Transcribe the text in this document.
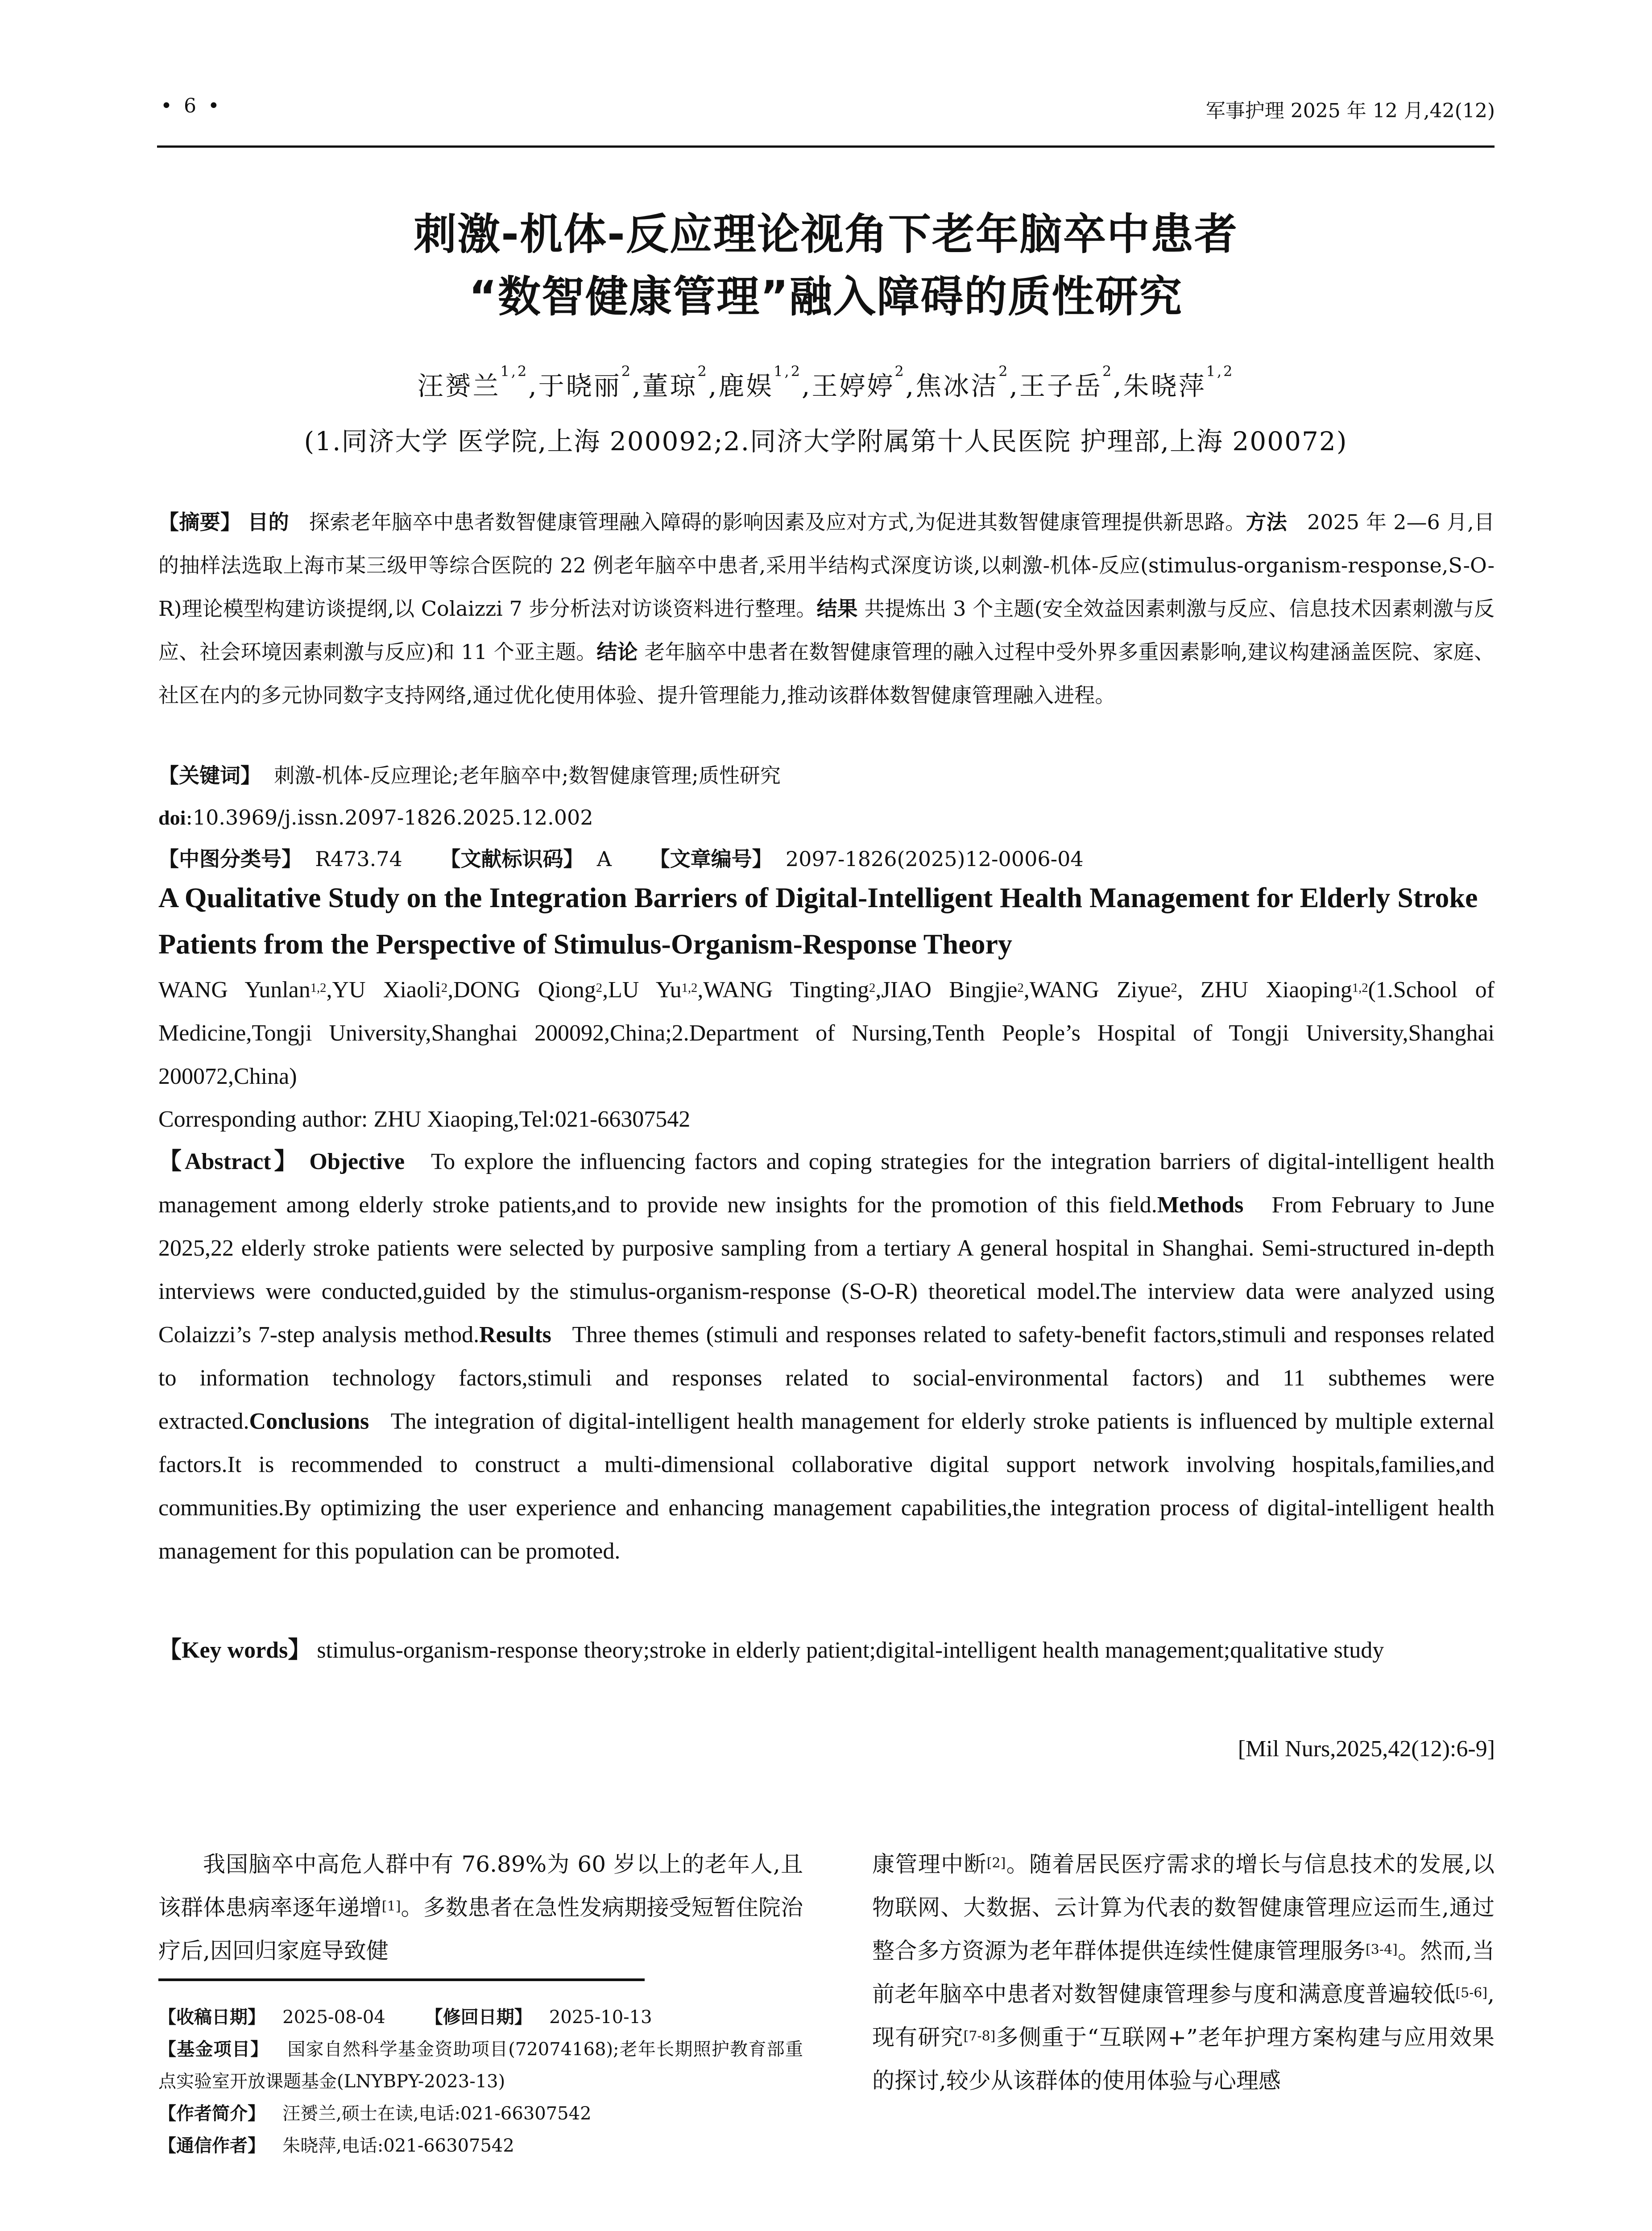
• 6 •	军事护理 2025 年 12 月,42(12)
刺激-机体-反应理论视角下老年脑卒中患者
“数智健康管理”融入障碍的质性研究
汪赟兰$^{1,2}$,于晓丽$^2$,董琼$^2$,鹿娱$^{1,2}$,王婷婷$^2$,焦冰洁$^2$,王子岳$^2$,朱晓萍$^{1,2}$
(1.同济大学 医学院,上海 200092;2.同济大学附属第十人民医院 护理部,上海 200072)
【摘要】 目的 探索老年脑卒中患者数智健康管理融入障碍的影响因素及应对方式,为促进其数智健康管理提供新思路。方法 2025 年 2—6 月,目的抽样法选取上海市某三级甲等综合医院的 22 例老年脑卒中患者,采用半结构式深度访谈,以刺激-机体-反应(stimulus-organism-response,S-O-R)理论模型构建访谈提纲,以 Colaizzi 7 步分析法对访谈资料进行整理。结果 共提炼出 3 个主题(安全效益因素刺激与反应、信息技术因素刺激与反应、社会环境因素刺激与反应)和 11 个亚主题。结论 老年脑卒中患者在数智健康管理的融入过程中受外界多重因素影响,建议构建涵盖医院、家庭、社区在内的多元协同数字支持网络,通过优化使用体验、提升管理能力,推动该群体数智健康管理融入进程。
【关键词】 刺激-机体-反应理论;老年脑卒中;数智健康管理;质性研究
doi:10.3969/j.issn.2097-1826.2025.12.002
【中图分类号】 R473.74 【文献标识码】 A 【文章编号】 2097-1826(2025)12-0006-04
A Qualitative Study on the Integration Barriers of Digital-Intelligent Health Management for Elderly Stroke Patients from the Perspective of Stimulus-Organism-Response Theory
WANG Yunlan$^{1,2}$,YU Xiaoli$^2$,DONG Qiong$^2$,LU Yu$^{1,2}$,WANG Tingting$^2$,JIAO Bingjie$^2$,WANG Ziyue$^2$, ZHU Xiaoping$^{1,2}$(1.School of Medicine,Tongji University,Shanghai 200092,China;2.Department of Nursing,Tenth People’s Hospital of Tongji University,Shanghai 200072,China)
Corresponding author: ZHU Xiaoping,Tel:021-66307542
【Abstract】 Objective To explore the influencing factors and coping strategies for the integration barriers of digital-intelligent health management among elderly stroke patients,and to provide new insights for the promotion of this field.Methods From February to June 2025,22 elderly stroke patients were selected by purposive sampling from a tertiary A general hospital in Shanghai. Semi-structured in-depth interviews were conducted,guided by the stimulus-organism-response (S-O-R) theoretical model.The interview data were analyzed using Colaizzi’s 7-step analysis method.Results Three themes (stimuli and responses related to safety-benefit factors,stimuli and responses related to information technology factors,stimuli and responses related to social-environmental factors) and 11 subthemes were extracted.Conclusions The integration of digital-intelligent health management for elderly stroke patients is influenced by multiple external factors.It is recommended to construct a multi-dimensional collaborative digital support network involving hospitals,families,and communities.By optimizing the user experience and enhancing management capabilities,the integration process of digital-intelligent health management for this population can be promoted.
【Key words】 stimulus-organism-response theory;stroke in elderly patient;digital-intelligent health management;qualitative study
[Mil Nurs,2025,42(12):6-9]
我国脑卒中高危人群中有 76.89%为 60 岁以上的老年人,且该群体患病率逐年递增[1]。多数患者在急性发病期接受短暂住院治疗后,因回归家庭导致健
【收稿日期】 2025-08-04 【修回日期】 2025-10-13
【基金项目】 国家自然科学基金资助项目(72074168);老年长期照护教育部重点实验室开放课题基金(LNYBPY-2023-13)
【作者简介】 汪赟兰,硕士在读,电话:021-66307542
【通信作者】 朱晓萍,电话:021-66307542
康管理中断[2]。随着居民医疗需求的增长与信息技术的发展,以物联网、大数据、云计算为代表的数智健康管理应运而生,通过整合多方资源为老年群体提供连续性健康管理服务[3-4]。然而,当前老年脑卒中患者对数智健康管理参与度和满意度普遍较低[5-6],现有研究[7-8]多侧重于“互联网+”老年护理方案构建与应用效果的探讨,较少从该群体的使用体验与心理感
